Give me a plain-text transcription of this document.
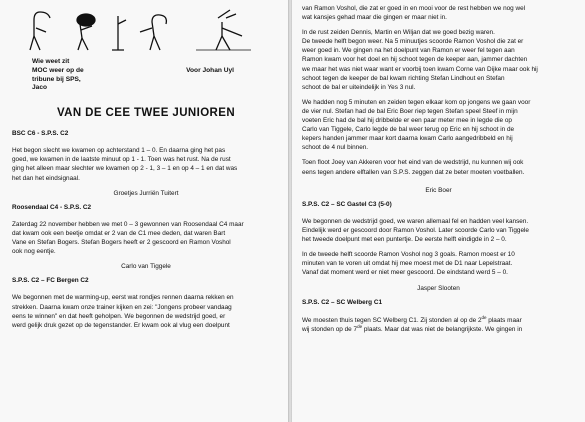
Wie weet zit

MOC weer op de

tribune bij SPS,

Jaco

Voor Johan Uyl

VAN DE CEE TWEE JUNIOREN
BSC C6 - S.P.S. C2

Het begon slecht we kwamen op achterstand 1 – 0. En daarna ging het pas

goed, we kwamen in de laatste minuut op 1 - 1. Toen was het rust. Na de rust

ging het alleen maar slechter we kwamen op 2 - 1, 3 – 1 en op 4 – 1 en dat was

het dan het eindsignaal.

Groetjes Jurriën Tuitert
Roosendaal C4 - S.P.S. C2

Zaterdag 22 november hebben we met 0 – 3 gewonnen van Roosendaal C4 maar

dat kwam ook een beetje omdat er 2 van de C1 mee deden, dat waren Bart

Vane en Stefan Bogers. Stefan Bogers heeft er 2 gescoord en Ramon Voshol

ook nog eentje.

Carlo van Tiggele
S.P.S. C2 – FC Bergen C2

We begonnen met de warming-up, eerst wat rondjes rennen daarna rekken en

strekken. Daarna kwam onze trainer kijken en zei: "Jongens probeer vandaag

eens te winnen" en dat heeft geholpen. We begonnen de wedstrijd goed, er

werd gelijk druk gezet op de tegenstander. Er kwam ook al vlug een doelpunt

van Ramon Voshol, die zat er goed in en mooi voor de rest hebben we nog wel

wat kansjes gehad maar die gingen er maar niet in.

In de rust zeiden Dennis, Martin en Wiljan dat we goed bezig waren.

De tweede helft begon weer. Na 5 minuutjes scoorde Ramon Voshol die zat er

weer goed in. We gingen na het doelpunt van Ramon er weer fel tegen aan

Ramon kwam voor het doel en hij schoot tegen de keeper aan, jammer dachten

we maar het was niet waar want er voorbij toen kwam Corne van Dijke maar ook hij

schoot tegen de keeper de bal kwam richting Stefan Lindhout en Stefan

schoot de bal er uiteindelijk in Yes 3 nul.

We hadden nog 5 minuten en zeiden tegen elkaar kom op jongens we gaan voor

de vier nul. Stefan had de bal Eric Boer riep tegen Stefan speel Steef in mijn

voeten Eric had de bal hij dribbelde er een paar meter mee in legde die op

Carlo van Tiggele, Carlo legde de bal weer terug op Eric en hij schoot in de

kepers handen jammer maar kort daarna kwam Carlo aangedribbeld en hij

schoot de 4 nul binnen.

Toen floot Joey van Akkeren voor het eind van de wedstrijd, nu kunnen wij ook

eens tegen andere elftallen van S.P.S. zeggen dat ze beter moeten voetballen.

Eric Boer
S.P.S. C2 – SC Gastel C3 (5-0)

We begonnen de wedstrijd goed, we waren allemaal fel en hadden veel kansen.

Eindelijk werd er gescoord door Ramon Voshol. Later scoorde Carlo van Tiggele

het tweede doelpunt met een puntertje. De eerste helft eindigde in 2 – 0.

In de tweede helft scoorde Ramon Voshol nog 3 goals. Ramon moest er 10

minuten van te voren uit omdat hij mee moest met de D1 naar Lepelstraat.

Vanaf dat moment werd er niet meer gescoord. De eindstand werd 5 – 0.

Jasper Slooten
S.P.S. C2 – SC Welberg C1

We moesten thuis tegen SC Welberg C1. Zij stonden al op de 2de plaats maar

wij stonden op de 7de plaats. Maar dat was niet de belangrijkste. We gingen in
